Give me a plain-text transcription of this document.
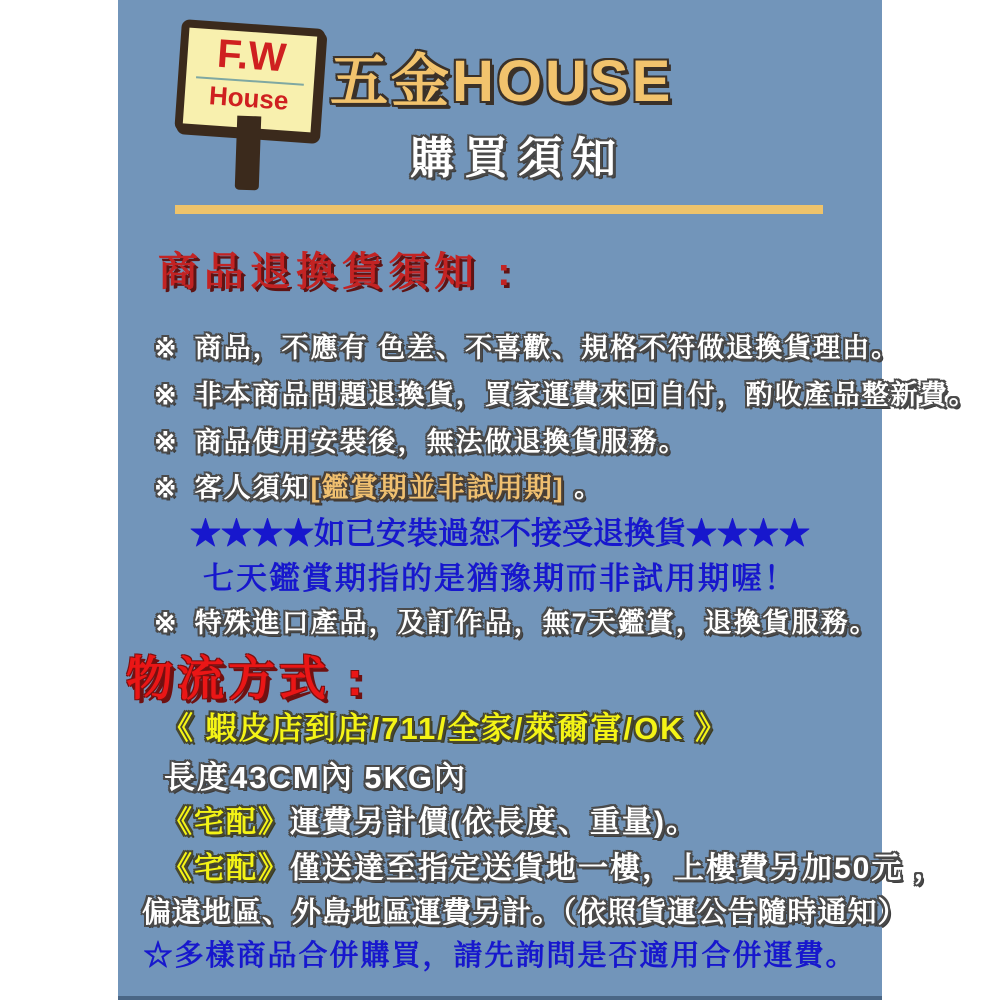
F.W
House 五金HOUSE
購買須知
商品退換貨須知 :
※ 商品，不應有 色差、不喜歡、規格不符做退換貨理由。
※ 非本商品問題退換貨，買家運費來回自付，酌收產品整新費。
※ 商品使用安裝後，無法做退換貨服務。
※ 客人須知[鑑賞期並非試用期] 。
★★★★如已安裝過恕不接受退換貨★★★★
七天鑑賞期指的是猶豫期而非試用期喔！
※ 特殊進口產品，及訂作品，無7天鑑賞，退換貨服務。
物流方式 :
《 蝦皮店到店/711/全家/萊爾富/OK 》
長度43CM內 5KG內
《宅配》運費另計價(依長度、重量)。
《宅配》僅送達至指定送貨地一樓，上樓費另加50元 ，
偏遠地區、外島地區運費另計。（依照貨運公告隨時通知）
☆多樣商品合併購買，請先詢問是否適用合併運費。
